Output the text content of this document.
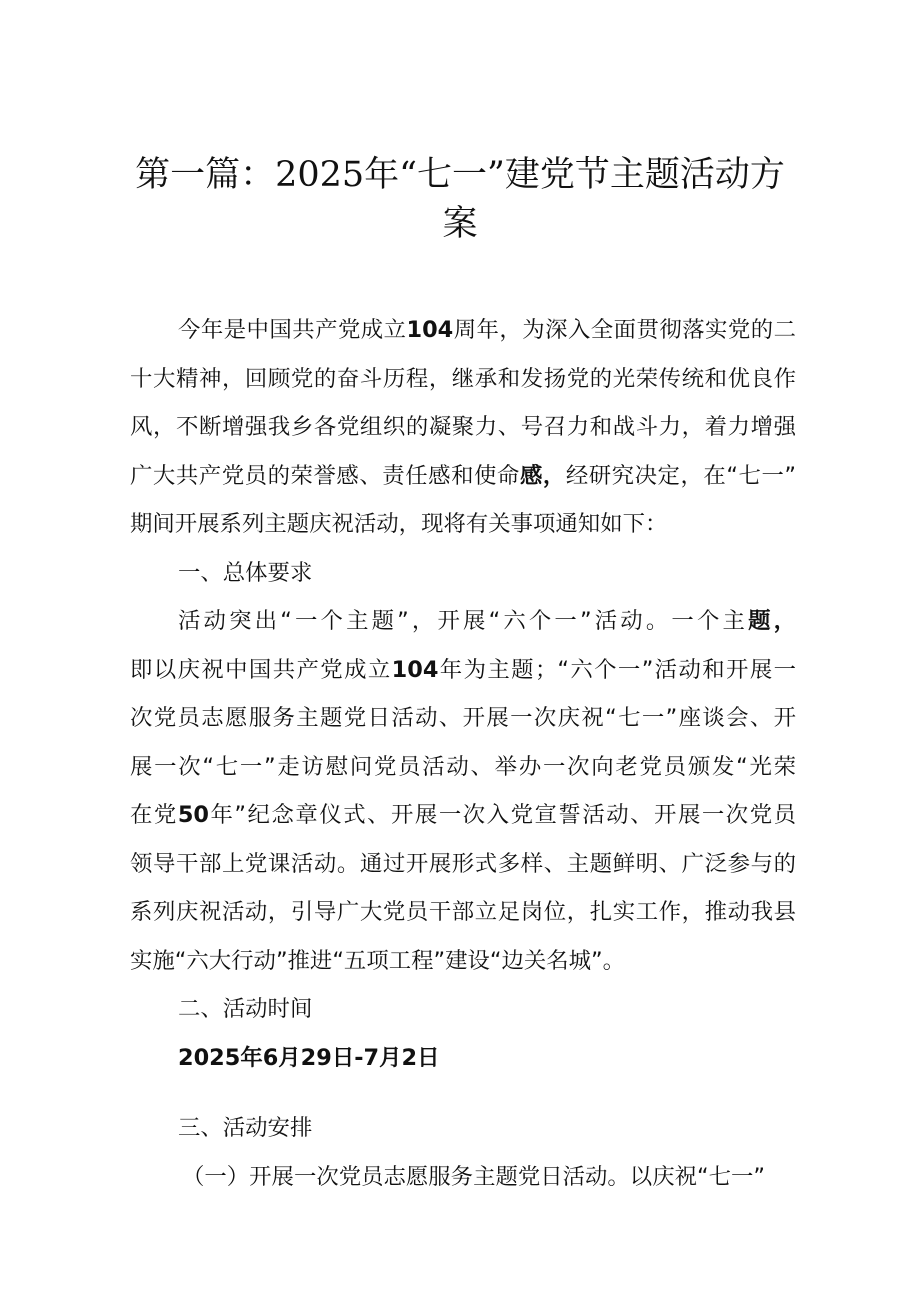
第一篇：2025年“七一”建党节主题活动方
案
今年是中国共产党成立104周年，为深入全面贯彻落实党的二
十大精神，回顾党的奋斗历程，继承和发扬党的光荣传统和优良作
风，不断增强我乡各党组织的凝聚力、号召力和战斗力，着力增强
广大共产党员的荣誉感、责任感和使命感，经研究决定，在“七一”
期间开展系列主题庆祝活动，现将有关事项通知如下：
一、总体要求
活动突出“一个主题”，开展“六个一”活动。一个主题，
即以庆祝中国共产党成立104年为主题；“六个一”活动和开展一
次党员志愿服务主题党日活动、开展一次庆祝“七一”座谈会、开
展一次“七一”走访慰问党员活动、举办一次向老党员颁发“光荣
在党50年”纪念章仪式、开展一次入党宣誓活动、开展一次党员
领导干部上党课活动。通过开展形式多样、主题鲜明、广泛参与的
系列庆祝活动，引导广大党员干部立足岗位，扎实工作，推动我县
实施“六大行动”推进“五项工程”建设“边关名城”。
二、活动时间
2025年6月29日-7月2日
三、活动安排
（一）开展一次党员志愿服务主题党日活动。以庆祝“七一”
